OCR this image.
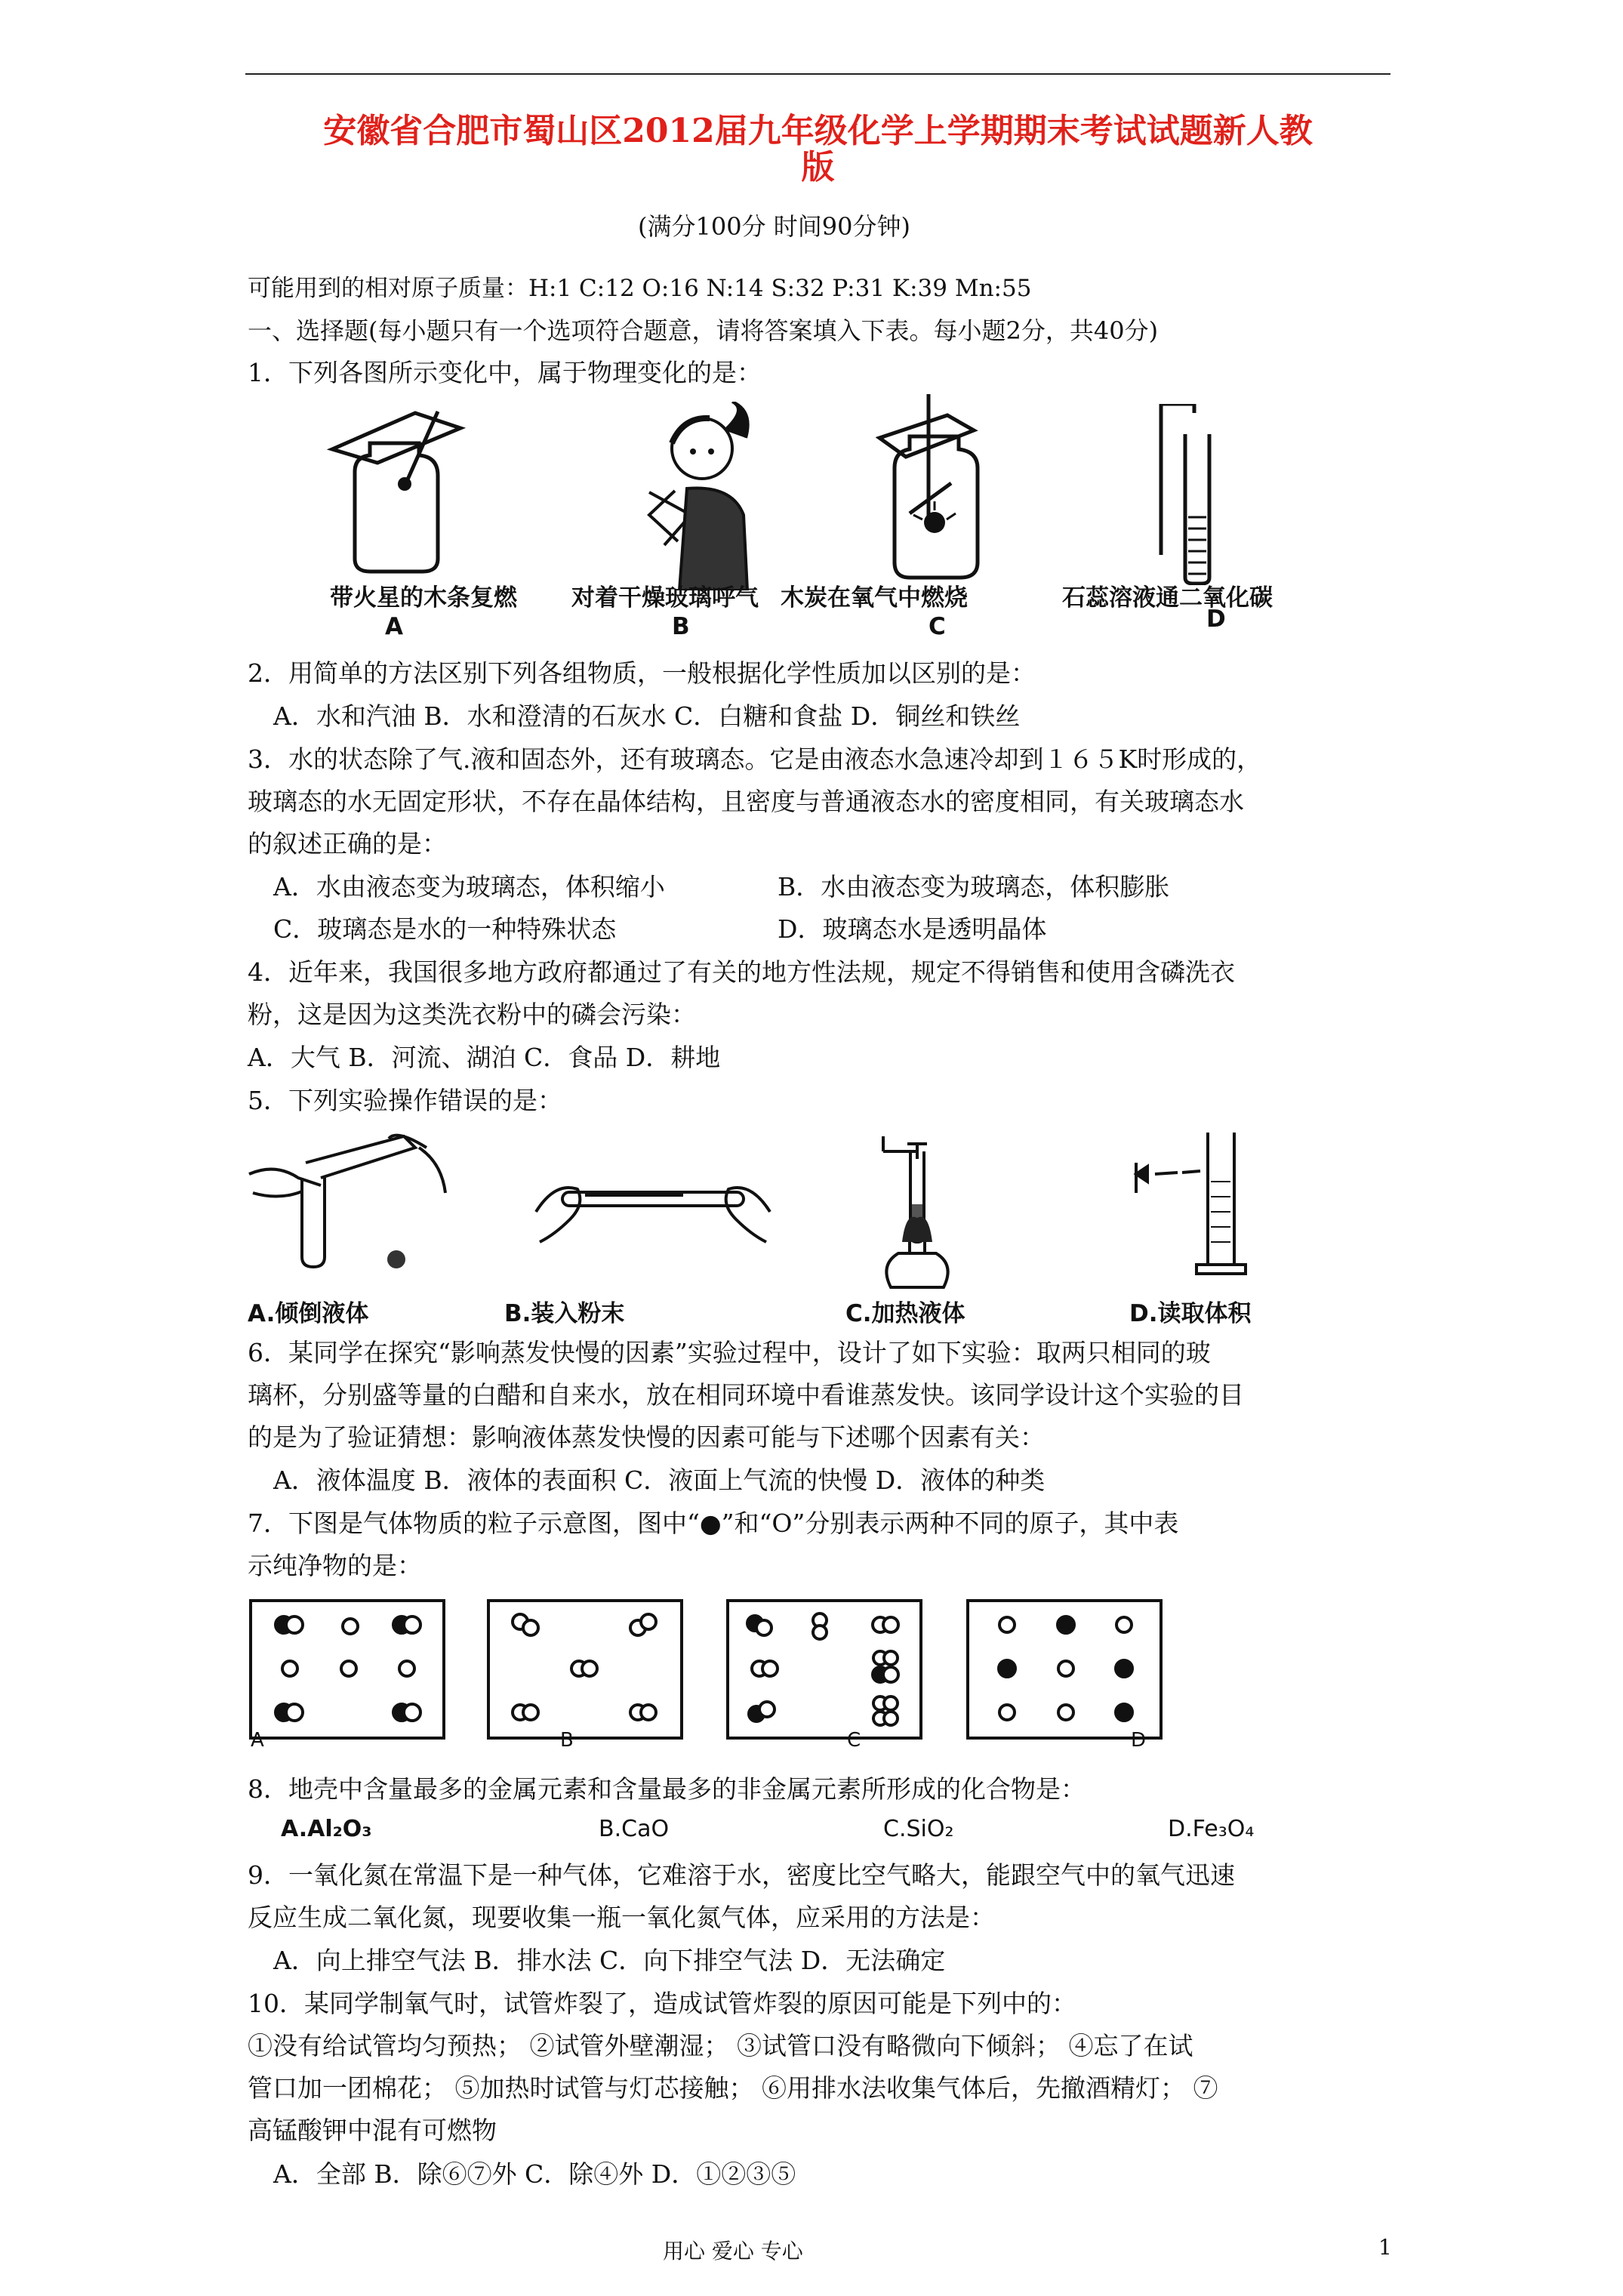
安徽省合肥市蜀山区2012届九年级化学上学期期末考试试题新人教
版
(满分100分 时间90分钟)
可能用到的相对原子质量：H:1 C:12 O:16 N:14 S:32 P:31 K:39 Mn:55
一、选择题(每小题只有一个选项符合题意，请将答案填入下表。每小题2分，共40分)
1．下列各图所示变化中，属于物理变化的是：
带火星的木条复燃 对着干燥玻璃呼气 木炭在氧气中燃烧	石蕊溶液通二氧化碳
A	B	C	D
2．用简单的方法区别下列各组物质，一般根据化学性质加以区别的是：
A．水和汽油 B．水和澄清的石灰水 C．白糖和食盐 D．铜丝和铁丝
3．水的状态除了气.液和固态外，还有玻璃态。它是由液态水急速冷却到１６５K时形成的，
玻璃态的水无固定形状，不存在晶体结构，且密度与普通液态水的密度相同，有关玻璃态水
的叙述正确的是：
A．水由液态变为玻璃态，体积缩小	B．水由液态变为玻璃态，体积膨胀
C．玻璃态是水的一种特殊状态	D．玻璃态水是透明晶体
4．近年来，我国很多地方政府都通过了有关的地方性法规，规定不得销售和使用含磷洗衣
粉，这是因为这类洗衣粉中的磷会污染：
A．大气 B．河流、湖泊 C．食品 D．耕地
5．下列实验操作错误的是：
A.倾倒液体	B.装入粉末	C.加热液体	D.读取体积
6．某同学在探究“影响蒸发快慢的因素”实验过程中，设计了如下实验：取两只相同的玻
璃杯，分别盛等量的白醋和自来水，放在相同环境中看谁蒸发快。该同学设计这个实验的目
的是为了验证猜想：影响液体蒸发快慢的因素可能与下述哪个因素有关：
A．液体温度 B．液体的表面积 C．液面上气流的快慢 D．液体的种类
7．下图是气体物质的粒子示意图，图中“●”和“O”分别表示两种不同的原子，其中表
示纯净物的是：
A	B	C	D
8．地壳中含量最多的金属元素和含量最多的非金属元素所形成的化合物是：
A.Al₂O₃	B.CaO	C.SiO₂	D.Fe₃O₄
9．一氧化氮在常温下是一种气体，它难溶于水，密度比空气略大，能跟空气中的氧气迅速
反应生成二氧化氮，现要收集一瓶一氧化氮气体，应采用的方法是：
A．向上排空气法 B．排水法 C．向下排空气法 D．无法确定
10．某同学制氧气时，试管炸裂了，造成试管炸裂的原因可能是下列中的：
①没有给试管均匀预热； ②试管外壁潮湿； ③试管口没有略微向下倾斜； ④忘了在试
管口加一团棉花； ⑤加热时试管与灯芯接触； ⑥用排水法收集气体后，先撤酒精灯； ⑦
高锰酸钾中混有可燃物
A．全部 B．除⑥⑦外 C．除④外 D．①②③⑤
用心 爱心 专心	1
